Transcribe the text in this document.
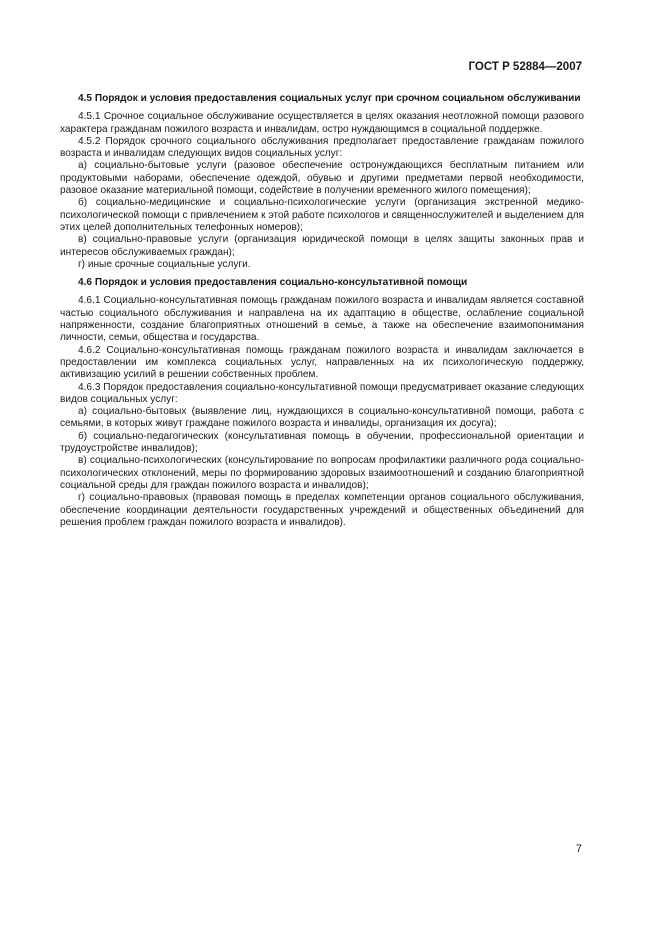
ГОСТ Р 52884—2007
4.5 Порядок и условия предоставления социальных услуг при срочном социальном обслуживании

4.5.1 Срочное социальное обслуживание осуществляется в целях оказания неотложной помощи разового характера гражданам пожилого возраста и инвалидам, остро нуждающимся в социальной поддержке.

4.5.2 Порядок срочного социального обслуживания предполагает предоставление гражданам пожилого возраста и инвалидам следующих видов социальных услуг:

а) социально-бытовые услуги (разовое обеспечение остронуждающихся бесплатным питанием или продуктовыми наборами, обеспечение одеждой, обувью и другими предметами первой необходимости, разовое оказание материальной помощи, содействие в получении временного жилого помещения);

б) социально-медицинские и социально-психологические услуги (организация экстренной медико-психологической помощи с привлечением к этой работе психологов и священнослужителей и выделением для этих целей дополнительных телефонных номеров);

в) социально-правовые услуги (организация юридической помощи в целях защиты законных прав и интересов обслуживаемых граждан);

г) иные срочные социальные услуги.

4.6 Порядок и условия предоставления социально-консультативной помощи

4.6.1 Социально-консультативная помощь гражданам пожилого возраста и инвалидам является составной частью социального обслуживания и направлена на их адаптацию в обществе, ослабление социальной напряженности, создание благоприятных отношений в семье, а также на обеспечение взаимопонимания личности, семьи, общества и государства.

4.6.2 Социально-консультативная помощь гражданам пожилого возраста и инвалидам заключается в предоставлении им комплекса социальных услуг, направленных на их психологическую поддержку, активизацию усилий в решении собственных проблем.

4.6.3 Порядок предоставления социально-консультативной помощи предусматривает оказание следующих видов социальных услуг:

а) социально-бытовых (выявление лиц, нуждающихся в социально-консультативной помощи, работа с семьями, в которых живут граждане пожилого возраста и инвалиды, организация их досуга);

б) социально-педагогических (консультативная помощь в обучении, профессиональной ориентации и трудоустройстве инвалидов);

в) социально-психологических (консультирование по вопросам профилактики различного рода социально-психологических отклонений, меры по формированию здоровых взаимоотношений и созданию благоприятной социальной среды для граждан пожилого возраста и инвалидов);

г) социально-правовых (правовая помощь в пределах компетенции органов социального обслуживания, обеспечение координации деятельности государственных учреждений и общественных объединений для решения проблем граждан пожилого возраста и инвалидов).

7
